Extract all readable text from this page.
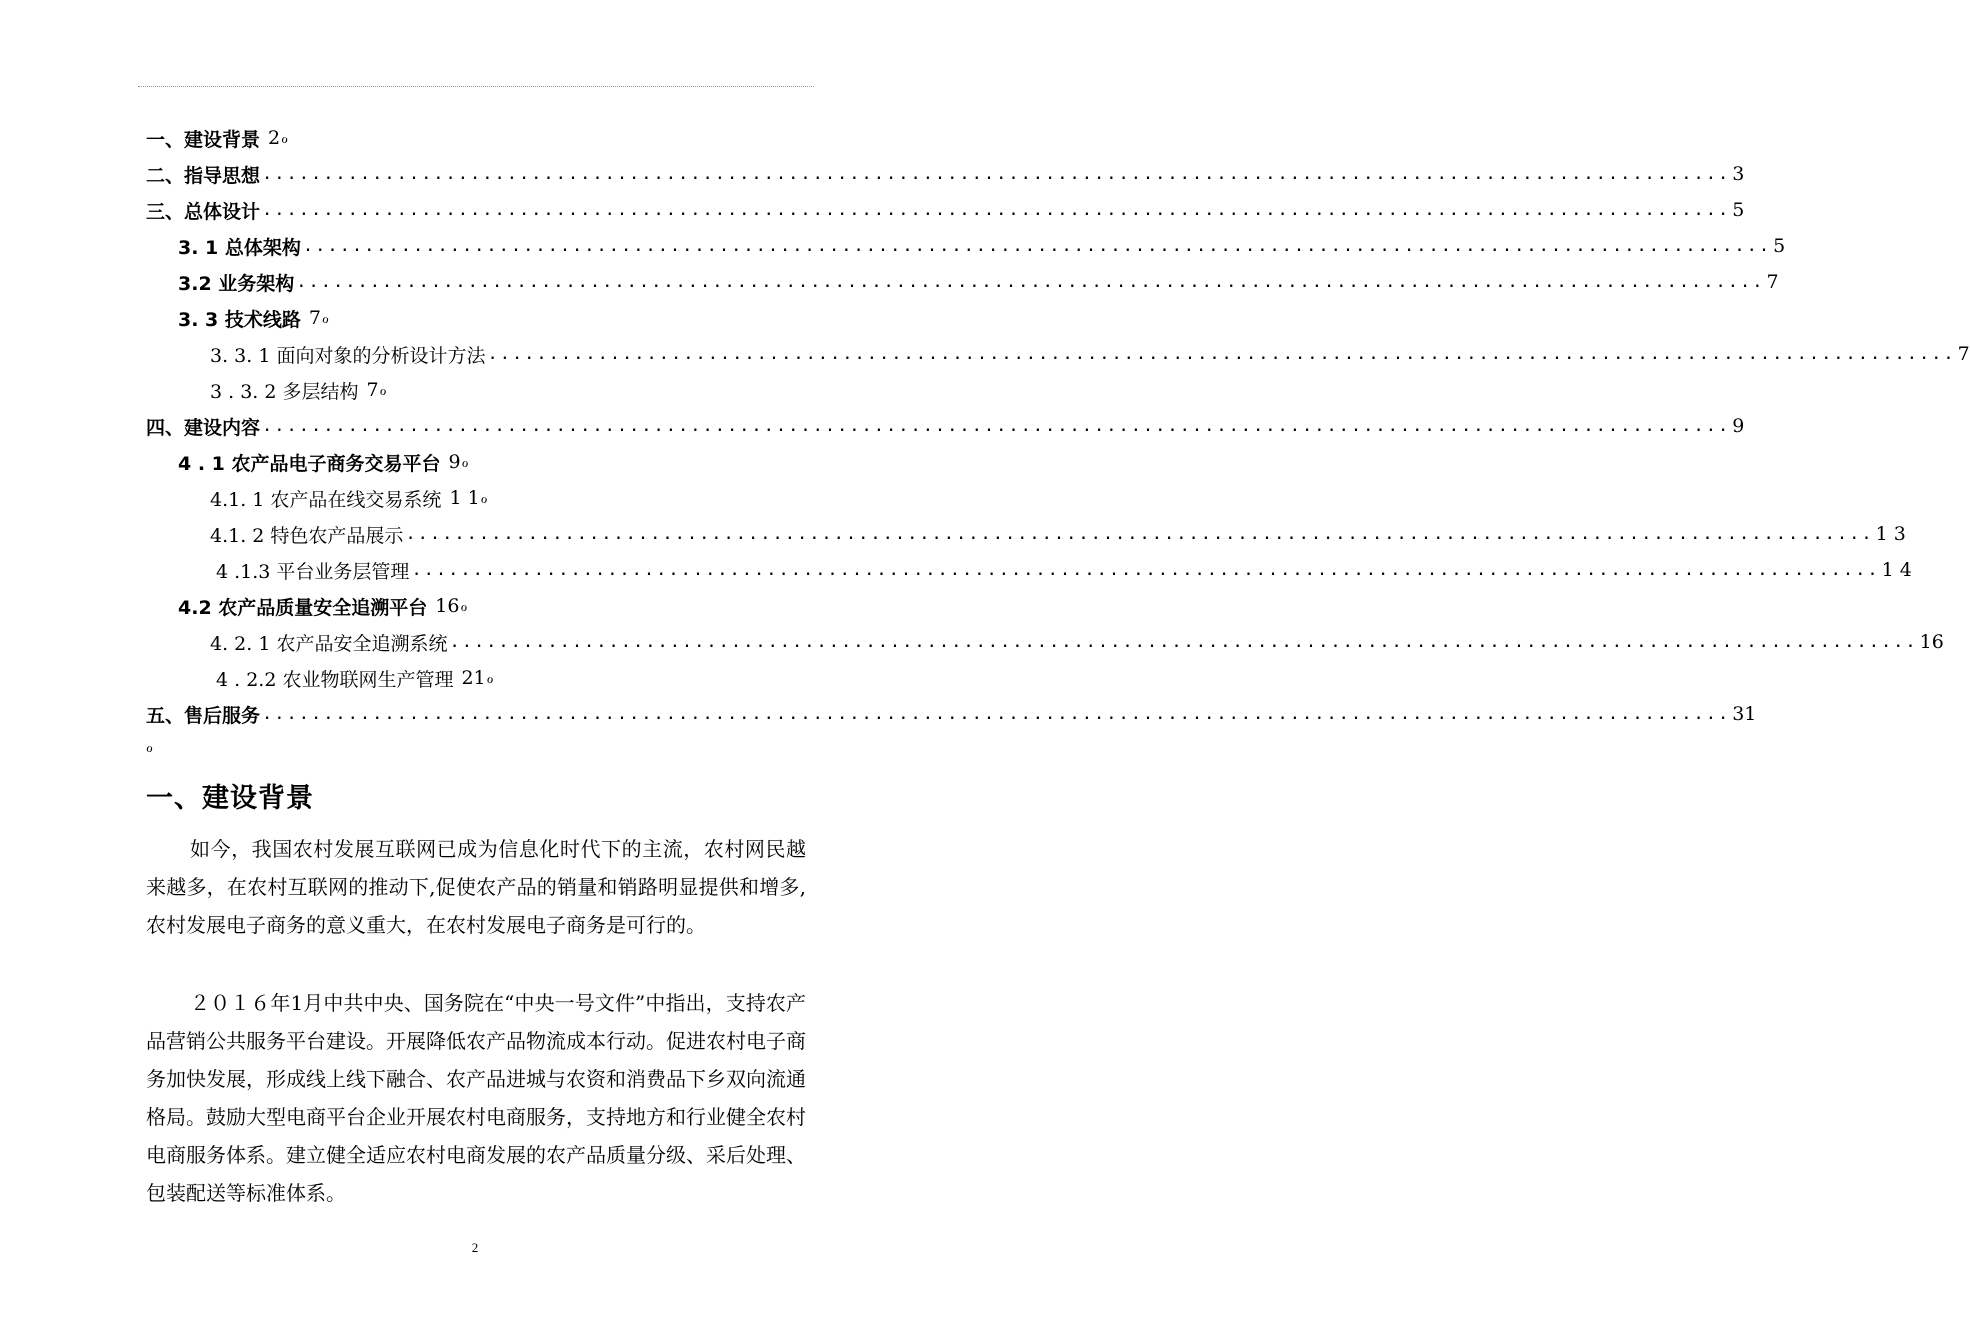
一、建设背景 2 ℴ
二、指导思想 ........................................................................................................................ 3
三、总体设计 ........................................................................................................................ 5
3. 1 总体架构 ........................................................................................................................ 5
3.2 业务架构 ........................................................................................................................ 7
3. 3 技术线路 7 ℴ
3. 3. 1 面向对象的分析设计方法 ........................................................................................................................ 7
3 . 3. 2 多层结构 7 ℴ
四、建设内容 ........................................................................................................................ 9
4 . 1 农产品电子商务交易平台 9 ℴ
4.1. 1 农产品在线交易系统 1 1 ℴ
4.1. 2 特色农产品展示 ........................................................................................................................ 1 3
4 .1.3 平台业务层管理 ........................................................................................................................ 1 4
4.2 农产品质量安全追溯平台 16 ℴ
4. 2. 1 农产品安全追溯系统 ........................................................................................................................ 16
4 . 2.2 农业物联网生产管理 21 ℴ
五、售后服务 ........................................................................................................................ 31
ℴ
一、建设背景
如今，我国农村发展互联网已成为信息化时代下的主流，农村网民越来越多，在农村互联网的推动下,促使农产品的销量和销路明显提供和增多,农村发展电子商务的意义重大，在农村发展电子商务是可行的。
２０１６年1月中共中央、国务院在“中央一号文件”中指出，支持农产品营销公共服务平台建设。开展降低农产品物流成本行动。促进农村电子商务加快发展，形成线上线下融合、农产品进城与农资和消费品下乡双向流通格局。鼓励大型电商平台企业开展农村电商服务，支持地方和行业健全农村电商服务体系。建立健全适应农村电商发展的农产品质量分级、采后处理、包装配送等标准体系。
2
